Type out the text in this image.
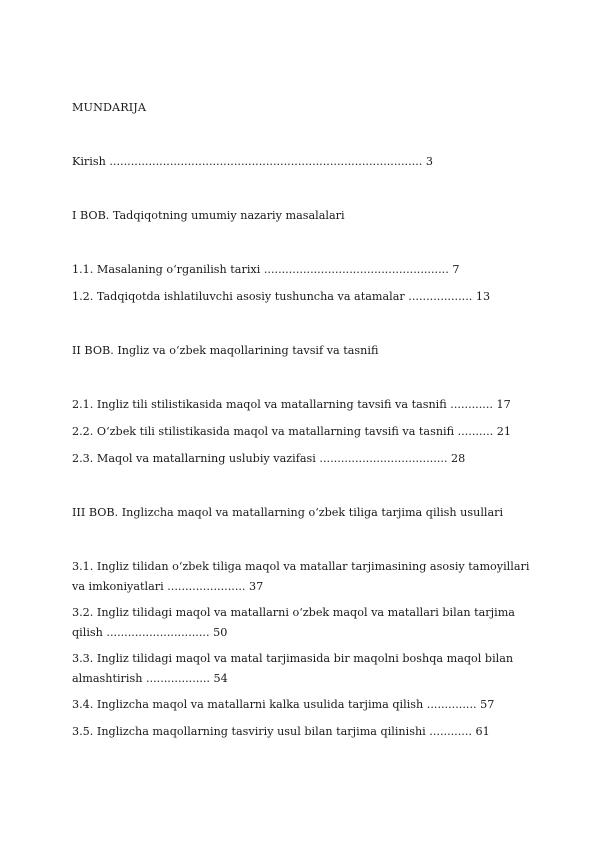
MUNDARIJA
Kirish ........................................................................................ 3
I BOB. Tadqiqotning umumiy nazariy masalalari
1.1. Masalaning oʻrganilish tarixi .................................................... 7
1.2. Tadqiqotda ishlatiluvchi asosiy tushuncha va atamalar .................. 13
II BOB. Ingliz va oʻzbek maqollarining tavsif va tasnifi
2.1. Ingliz tili stilistikasida maqol va matallarning tavsifi va tasnifi ............ 17
2.2. Oʻzbek tili stilistikasida maqol va matallarning tavsifi va tasnifi .......... 21
2.3. Maqol va matallarning uslubiy vazifasi .................................... 28
III BOB. Inglizcha maqol va matallarning oʻzbek tiliga tarjima qilish usullari
3.1. Ingliz tilidan oʻzbek tiliga maqol va matallar tarjimasining asosiy tamoyillari va imkoniyatlari ...................... 37
3.2. Ingliz tilidagi maqol va matallarni oʻzbek maqol va matallari bilan tarjima qilish ............................. 50
3.3. Ingliz tilidagi maqol va matal tarjimasida bir maqolni boshqa maqol bilan almashtirish .................. 54
3.4. Inglizcha maqol va matallarni kalka usulida tarjima qilish .............. 57
3.5. Inglizcha maqollarning tasviriy usul bilan tarjima qilinishi ............ 61
